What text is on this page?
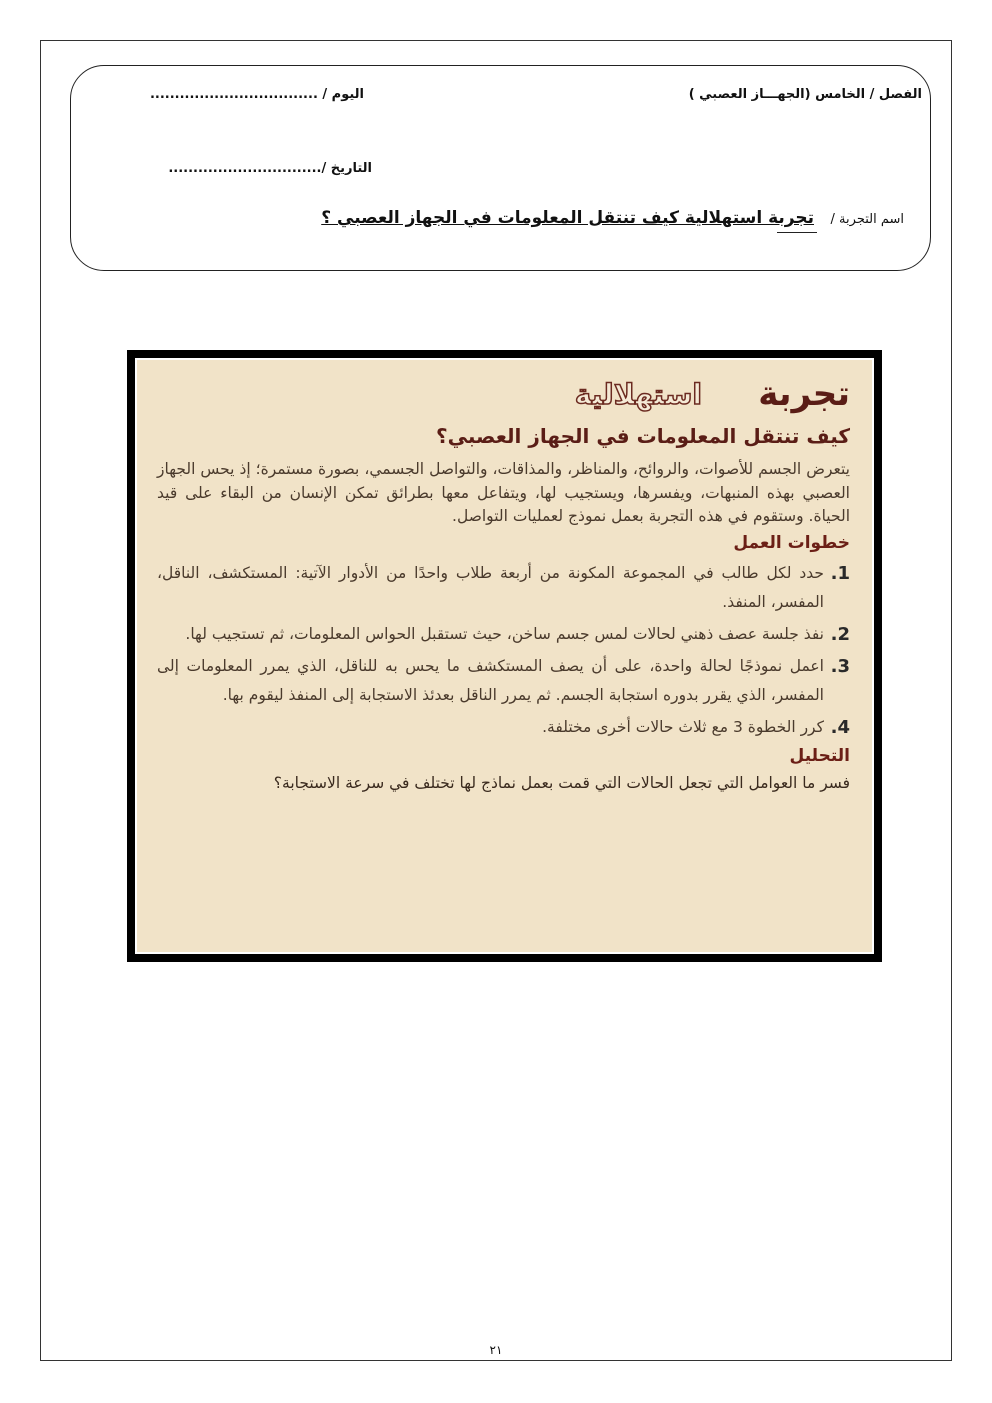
الفصل / الخامس (الجهـــاز العصبي )
اليوم / ..................................
التاريخ /...............................
اسم التجربة /
تجربة استهلالية كيف تنتقل المعلومات في الجهاز العصبي ؟
تجربة
استهلالية
كيف تنتقل المعلومات في الجهاز العصبي؟
يتعرض الجسم للأصوات، والروائح، والمناظر، والمذاقات، والتواصل الجسمي، بصورة مستمرة؛ إذ يحس الجهاز العصبي بهذه المنبهات، ويفسرها، ويستجيب لها، ويتفاعل معها بطرائق تمكن الإنسان من البقاء على قيد الحياة. وستقوم في هذه التجربة بعمل نموذج لعمليات التواصل.
خطوات العمل
1.
حدد لكل طالب في المجموعة المكونة من أربعة طلاب واحدًا من الأدوار الآتية: المستكشف، الناقل، المفسر، المنفذ.
2.
نفذ جلسة عصف ذهني لحالات لمس جسم ساخن، حيث تستقبل الحواس المعلومات، ثم تستجيب لها.
3.
اعمل نموذجًا لحالة واحدة، على أن يصف المستكشف ما يحس به للناقل، الذي يمرر المعلومات إلى المفسر، الذي يقرر بدوره استجابة الجسم. ثم يمرر الناقل بعدئذ الاستجابة إلى المنفذ ليقوم بها.
4.
كرر الخطوة 3 مع ثلاث حالات أخرى مختلفة.
التحليل
فسر ما العوامل التي تجعل الحالات التي قمت بعمل نماذج لها تختلف في سرعة الاستجابة؟
٢١
